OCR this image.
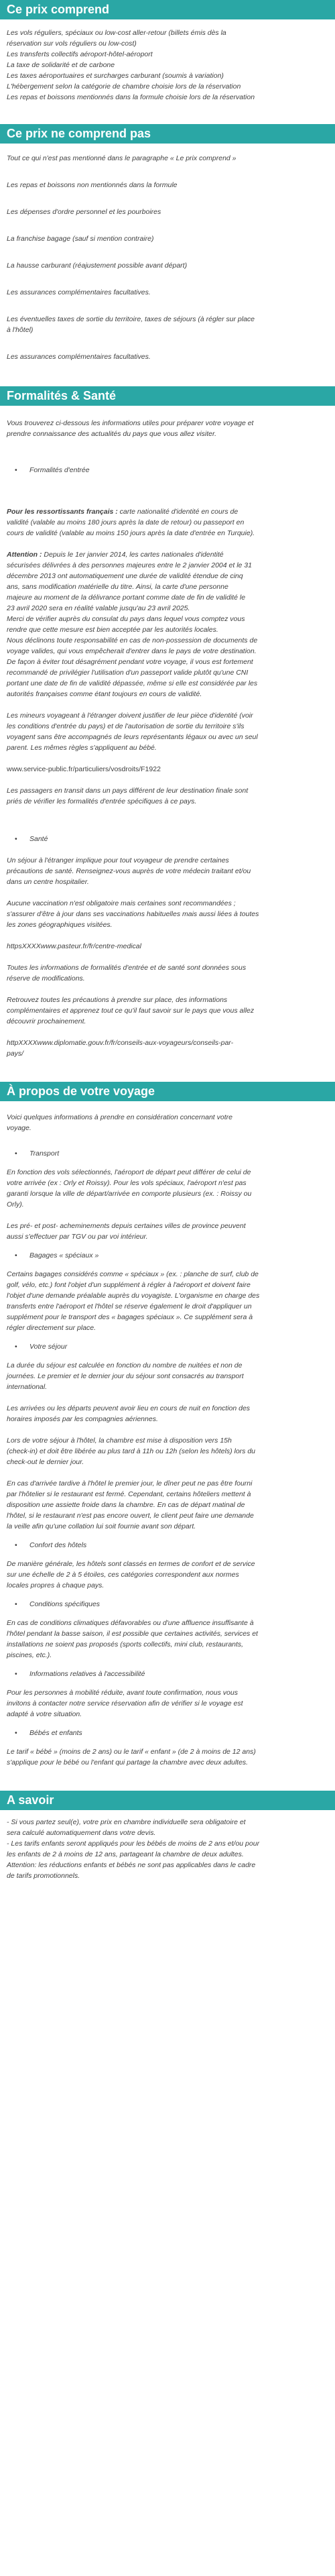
Ce prix comprend

Les vols réguliers, spéciaux ou low-cost aller-retour (billets émis dès la

réservation sur vols réguliers ou low-cost)

Les transferts collectifs aéroport-hôtel-aéroport

La taxe de solidarité et de carbone

Les taxes aéroportuaires et surcharges carburant (soumis à variation)

L'hébergement selon la catégorie de chambre choisie lors de la réservation

Les repas et boissons mentionnés dans la formule choisie lors de la réservation

Ce prix ne comprend pas

Tout ce qui n'est pas mentionné dans le paragraphe « Le prix comprend »

Les repas et boissons non mentionnés dans la formule

Les dépenses d'ordre personnel et les pourboires

La franchise bagage (sauf si mention contraire)

La hausse carburant (réajustement possible avant départ)

Les assurances complémentaires facultatives.

Les éventuelles taxes de sortie du territoire, taxes de séjours (à régler sur place

à l'hôtel)

Les assurances complémentaires facultatives.

Formalités & Santé

Vous trouverez ci-dessous les informations utiles pour préparer votre voyage et

prendre connaissance des actualités du pays que vous allez visiter.

• Formalités d'entrée

Pour les ressortissants français : carte nationalité d'identité en cours de

validité (valable au moins 180 jours après la date de retour) ou passeport en

cours de validité (valable au moins 150 jours après la date d'entrée en Turquie).

Attention : Depuis le 1er janvier 2014, les cartes nationales d'identité

sécurisées délivrées à des personnes majeures entre le 2 janvier 2004 et le 31

décembre 2013 ont automatiquement une durée de validité étendue de cinq

ans, sans modification matérielle du titre. Ainsi, la carte d'une personne

majeure au moment de la délivrance portant comme date de fin de validité le

23 avril 2020 sera en réalité valable jusqu'au 23 avril 2025.

Merci de vérifier auprès du consulat du pays dans lequel vous comptez vous

rendre que cette mesure est bien acceptée par les autorités locales.

Nous déclinons toute responsabilité en cas de non-possession de documents de

voyage valides, qui vous empêcherait d'entrer dans le pays de votre destination.

De façon à éviter tout désagrément pendant votre voyage, il vous est fortement

recommandé de privilégier l'utilisation d'un passeport valide plutôt qu'une CNI

portant une date de fin de validité dépassée, même si elle est considérée par les

autorités françaises comme étant toujours en cours de validité.

Les mineurs voyageant à l'étranger doivent justifier de leur pièce d'identité (voir

les conditions d'entrée du pays) et de l'autorisation de sortie du territoire s'ils

voyagent sans être accompagnés de leurs représentants légaux ou avec un seul

parent. Les mêmes règles s'appliquent au bébé.

www.service-public.fr/particuliers/vosdroits/F1922

Les passagers en transit dans un pays différent de leur destination finale sont

priés de vérifier les formalités d'entrée spécifiques à ce pays.

• Santé

Un séjour à l'étranger implique pour tout voyageur de prendre certaines

précautions de santé. Renseignez-vous auprès de votre médecin traitant et/ou

dans un centre hospitalier.

Aucune vaccination n'est obligatoire mais certaines sont recommandées ;

s'assurer d'être à jour dans ses vaccinations habituelles mais aussi liées à toutes

les zones géographiques visitées.

httpsXXXXwww.pasteur.fr/fr/centre-medical

Toutes les informations de formalités d'entrée et de santé sont données sous

réserve de modifications.

Retrouvez toutes les précautions à prendre sur place, des informations

complémentaires et apprenez tout ce qu'il faut savoir sur le pays que vous allez

découvrir prochainement.

httpXXXXwww.diplomatie.gouv.fr/fr/conseils-aux-voyageurs/conseils-par-

pays/

À propos de votre voyage

Voici quelques informations à prendre en considération concernant votre

voyage.

• Transport

En fonction des vols sélectionnés, l'aéroport de départ peut différer de celui de

votre arrivée (ex : Orly et Roissy). Pour les vols spéciaux, l'aéroport n'est pas

garanti lorsque la ville de départ/arrivée en comporte plusieurs (ex. : Roissy ou

Orly).

Les pré- et post- acheminements depuis certaines villes de province peuvent

aussi s'effectuer par TGV ou par voi intérieur.

• Bagages « spéciaux »

Certains bagages considérés comme « spéciaux » (ex. : planche de surf, club de

golf, vélo, etc.) font l'objet d'un supplément à régler à l'aéroport et doivent faire

l'objet d'une demande préalable auprès du voyagiste. L'organisme en charge des

transferts entre l'aéroport et l'hôtel se réserve également le droit d'appliquer un

supplément pour le transport des « bagages spéciaux ». Ce supplément sera à

régler directement sur place.

• Votre séjour

La durée du séjour est calculée en fonction du nombre de nuitées et non de

journées. Le premier et le dernier jour du séjour sont consacrés au transport

international.

Les arrivées ou les départs peuvent avoir lieu en cours de nuit en fonction des

horaires imposés par les compagnies aériennes.

Lors de votre séjour à l'hôtel, la chambre est mise à disposition vers 15h

(check-in) et doit être libérée au plus tard à 11h ou 12h (selon les hôtels) lors du

check-out le dernier jour.

En cas d'arrivée tardive à l'hôtel le premier jour, le dîner peut ne pas être fourni

par l'hôtelier si le restaurant est fermé. Cependant, certains hôteliers mettent à

disposition une assiette froide dans la chambre. En cas de départ matinal de

l'hôtel, si le restaurant n'est pas encore ouvert, le client peut faire une demande

la veille afin qu'une collation lui soit fournie avant son départ.

• Confort des hôtels

De manière générale, les hôtels sont classés en termes de confort et de service

sur une échelle de 2 à 5 étoiles, ces catégories correspondent aux normes

locales propres à chaque pays.

• Conditions spécifiques

En cas de conditions climatiques défavorables ou d'une affluence insuffisante à

l'hôtel pendant la basse saison, il est possible que certaines activités, services et

installations ne soient pas proposés (sports collectifs, mini club, restaurants,

piscines, etc.).

• Informations relatives à l'accessibilité

Pour les personnes à mobilité réduite, avant toute confirmation, nous vous

invitons à contacter notre service réservation afin de vérifier si le voyage est

adapté à votre situation.

• Bébés et enfants

Le tarif « bébé » (moins de 2 ans) ou le tarif « enfant » (de 2 à moins de 12 ans)

s'applique pour le bébé ou l'enfant qui partage la chambre avec deux adultes.

A savoir

- Si vous partez seul(e), votre prix en chambre individuelle sera obligatoire et

sera calculé automatiquement dans votre devis.

- Les tarifs enfants seront appliqués pour les bébés de moins de 2 ans et/ou pour

les enfants de 2 à moins de 12 ans, partageant la chambre de deux adultes.

Attention: les réductions enfants et bébés ne sont pas applicables dans le cadre

de tarifs promotionnels.
